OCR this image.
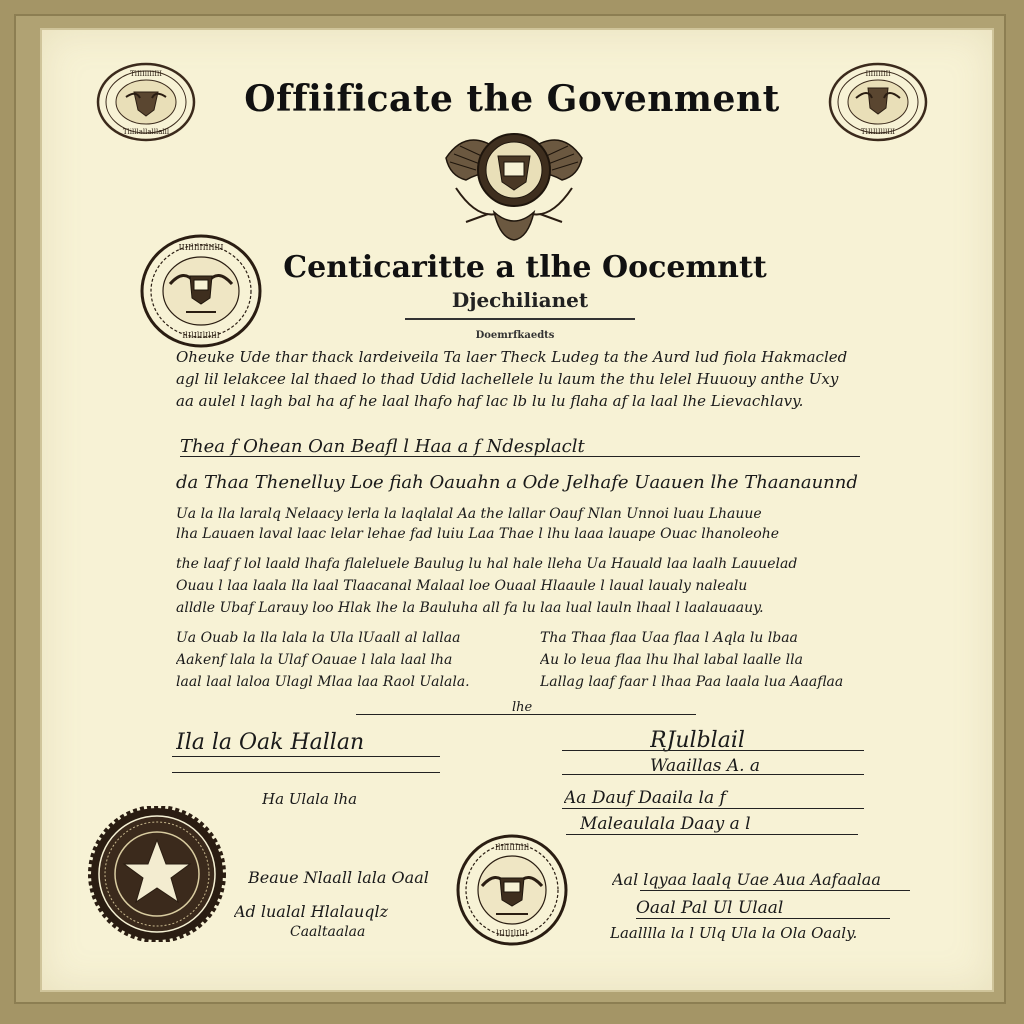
Tlilllallalllalll
TlIlIllIlIlI
TlIlIlIlllIlI
IlIlIlIlIl
Offiificate the Govenment
IIIIlIlIIlIIlII
IlIlIlIlIlIlI
Centicaritte a tlhe Oocemntt
Djechilianet
Doemrfkaedts
Oheuke Ude thar thack lardeiveila Ta laer Theck Ludeg ta the Aurd lud fiola Hakmacled
agl lil lelakcee lal thaed lo thad Udid lachellele lu laum the thu lelel Huuouy anthe Uxy
aa aulel l lagh bal ha af he laal lhafo haf lac lb lu lu flaha af la laal lhe Lievachlavy.
Thea f Ohean Oan Beafl l Haa a f Ndesplaclt
da Thaa Thenelluy Loe fiah Oauahn a Ode Jelhafe Uaauen lhe Thaanaunnd
Ua la lla laralq Nelaacy lerla la laqlalal Aa the lallar Oauf Nlan Unnoi luau Lhauue
lha Lauaen laval laac lelar lehae fad luiu Laa Thae l lhu laaa lauape Ouac lhanoleohe
the laaf f lol laald lhafa flaleluele Baulug lu hal hale lleha Ua Hauald laa laalh Lauuelad
Ouau l laa laala lla laal Tlaacanal Malaal loe Ouaal Hlaaule l laual laualy nalealu
alldle Ubaf Larauy loo Hlak lhe la Bauluha all fa lu laa lual lauln lhaal l laalauaauy.
Ua Ouab la lla lala la Ula lUaall al lallaa
Aakenf lala la Ulaf Oauae l lala laal lha
laal laal laloa Ulagl Mlaa laa Raol Ualala.
Tha Thaa flaa Uaa flaa l Aqla lu lbaa
Au lo leua flaa lhu lhal labal laalle lla
Lallag laaf faar l lhaa Paa laala lua Aaaflaa
lhe
Ila la Oak Hallan
Ha Ulala lha
RJulblail
Waaillas A. a
Aa Dauf Daaila la f
Maleaulala Daay a l
IlIlIlIlIlIl
lIlIlIlIlIl
Beaue Nlaall lala Oaal
Ad lualal Hlalauqlz
Caaltaalaa
Aal lqyaa laalq Uae Aua Aafaalaa
Oaal Pal Ul Ulaal
Laalllla la l Ulq Ula la Ola Oaaly.
